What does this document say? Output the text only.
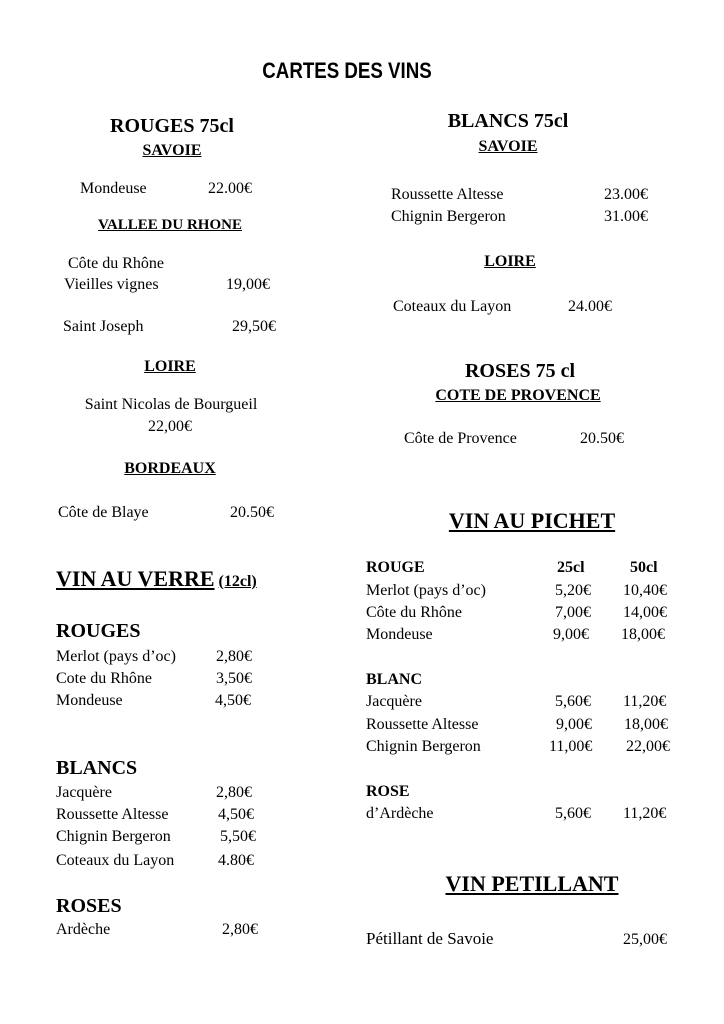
CARTES DES VINS
ROUGES 75cl
SAVOIE
Mondeuse	22.00€
VALLEE DU RHONE
Côte du Rhône
Vieilles vignes	19,00€
Saint Joseph	29,50€
LOIRE
Saint Nicolas de Bourgueil
22,00€
BORDEAUX
Côte de Blaye	20.50€
BLANCS 75cl
SAVOIE
Roussette Altesse	23.00€
Chignin Bergeron	31.00€
LOIRE
Coteaux du Layon	24.00€
ROSES 75 cl
COTE DE PROVENCE
Côte de Provence	20.50€
VIN AU VERRE (12cl)
ROUGES
Merlot (pays d’oc)	2,80€
Cote du Rhône	3,50€
Mondeuse	4,50€
BLANCS
Jacquère	2,80€
Roussette Altesse	4,50€
Chignin Bergeron	5,50€
Coteaux du Layon	4.80€
ROSES
Ardèche	2,80€
VIN AU PICHET
ROUGE	25cl	50cl
Merlot (pays d’oc)	5,20€ 10,40€
Côte du Rhône	7,00€ 14,00€
Mondeuse	9,00€ 18,00€
BLANC
Jacquère	5,60€ 11,20€
Roussette Altesse	9,00€ 18,00€
Chignin Bergeron	11,00€ 22,00€
ROSE
d’Ardèche	5,60€ 11,20€
VIN PETILLANT
Pétillant de Savoie	25,00€
